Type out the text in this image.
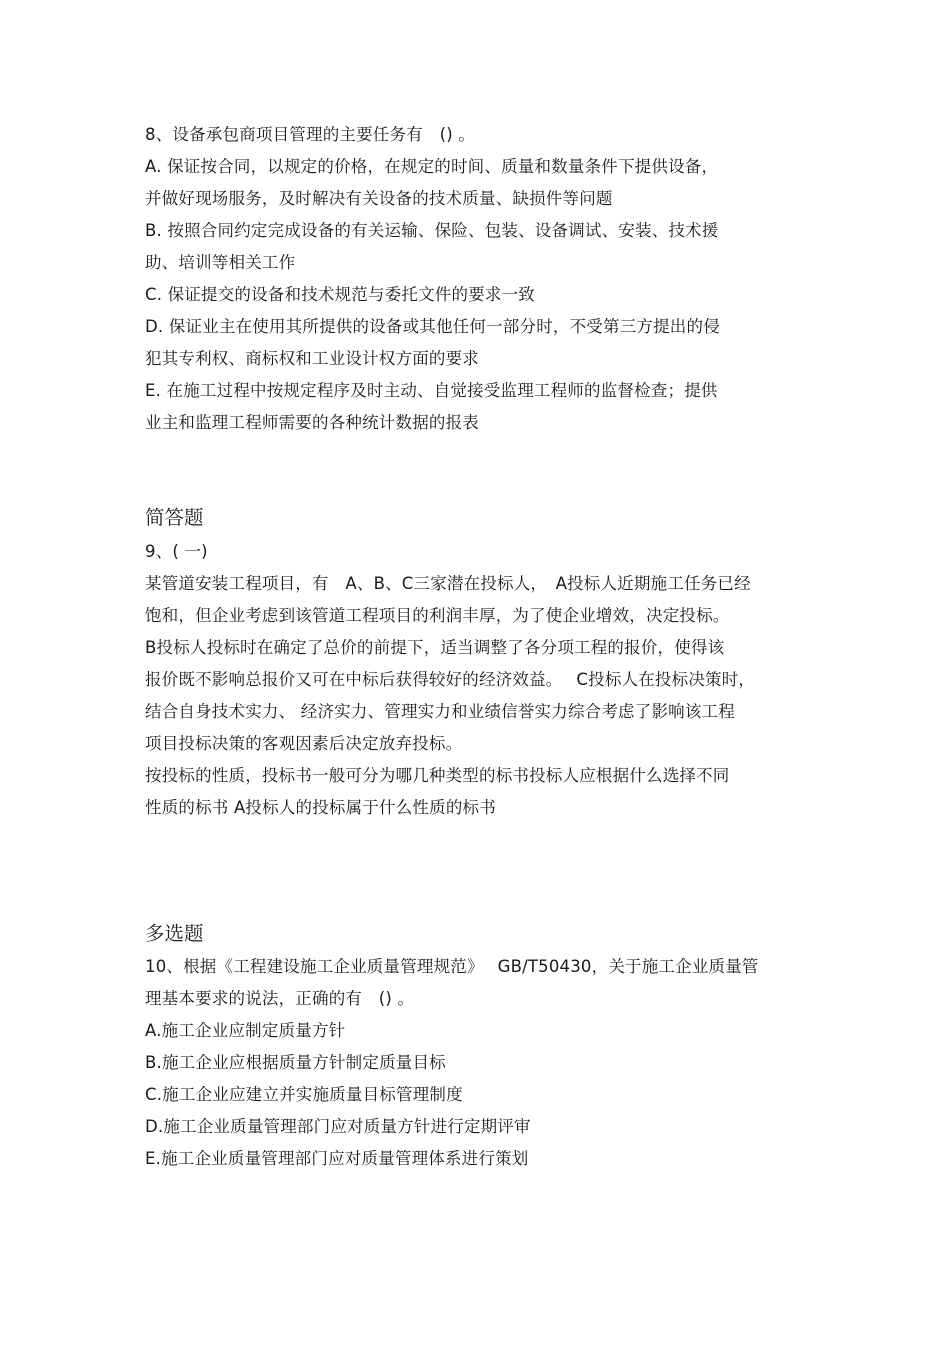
8、设备承包商项目管理的主要任务有　() 。
A. 保证按合同，以规定的价格，在规定的时间、质量和数量条件下提供设备，
并做好现场服务，及时解决有关设备的技术质量、缺损件等问题
B. 按照合同约定完成设备的有关运输、保险、包装、设备调试、安装、技术援
助、培训等相关工作
C. 保证提交的设备和技术规范与委托文件的要求一致
D. 保证业主在使用其所提供的设备或其他任何一部分时，不受第三方提出的侵
犯其专利权、商标权和工业设计权方面的要求
E. 在施工过程中按规定程序及时主动、自觉接受监理工程师的监督检查；提供
业主和监理工程师需要的各种统计数据的报表
简答题
9、( 一)
某管道安装工程项目，有　A、B、C三家潜在投标人，　A投标人近期施工任务已经
饱和，但企业考虑到该管道工程项目的利润丰厚，为了使企业增效，决定投标。
B投标人投标时在确定了总价的前提下，适当调整了各分项工程的报价，使得该
报价既不影响总报价又可在中标后获得较好的经济效益。　 C投标人在投标决策时，
结合自身技术实力、 经济实力、管理实力和业绩信誉实力综合考虑了影响该工程
项目投标决策的客观因素后决定放弃投标。
按投标的性质，投标书一般可分为哪几种类型的标书投标人应根据什么选择不同
性质的标书 A投标人的投标属于什么性质的标书
多选题
10、根据《工程建设施工企业质量管理规范》　 GB/T50430，关于施工企业质量管
理基本要求的说法，正确的有　() 。
A.施工企业应制定质量方针
B.施工企业应根据质量方针制定质量目标
C.施工企业应建立并实施质量目标管理制度
D.施工企业质量管理部门应对质量方针进行定期评审
E.施工企业质量管理部门应对质量管理体系进行策划
